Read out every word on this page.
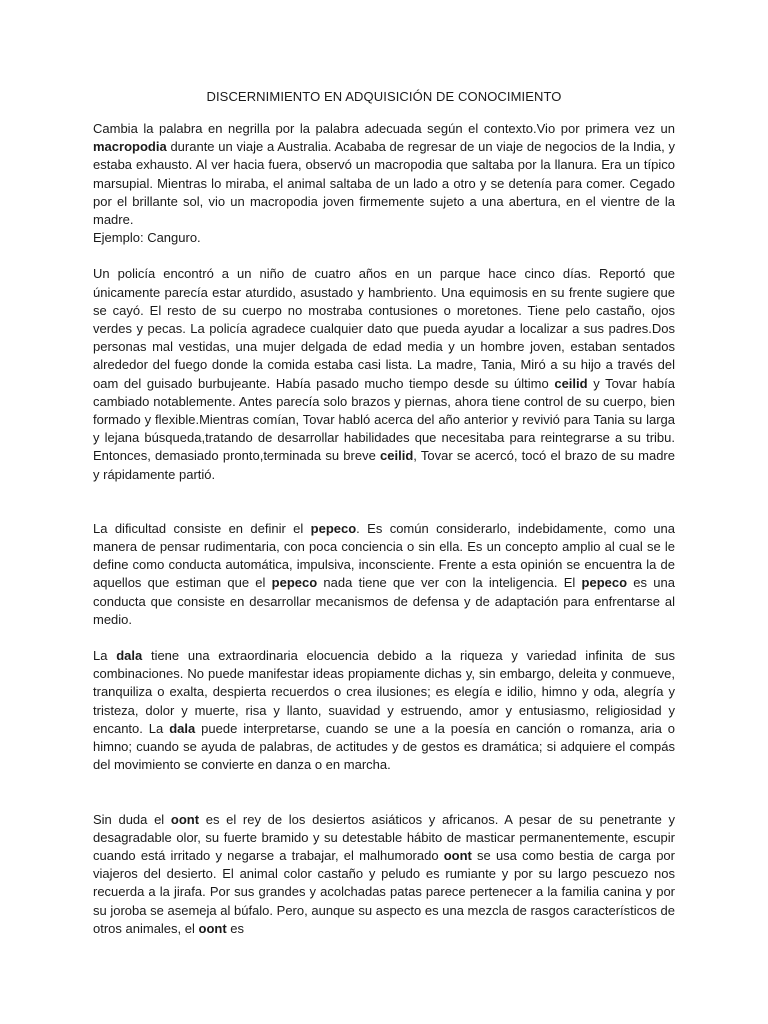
DISCERNIMIENTO EN ADQUISICIÓN DE CONOCIMIENTO

Cambia la palabra en negrilla por la palabra adecuada según el contexto.Vio por primera vez un macropodia durante un viaje a Australia. Acababa de regresar de un viaje de negocios de la India, y estaba exhausto. Al ver hacia fuera, observó un macropodia que saltaba por la llanura. Era un típico marsupial. Mientras lo miraba, el animal saltaba de un lado a otro y se detenía para comer. Cegado por el brillante sol, vio un macropodia joven firmemente sujeto a una abertura, en el vientre de la madre.

Ejemplo: Canguro.

Un policía encontró a un niño de cuatro años en un parque hace cinco días. Reportó que únicamente parecía estar aturdido, asustado y hambriento. Una equimosis en su frente sugiere que se cayó. El resto de su cuerpo no mostraba contusiones o moretones. Tiene pelo castaño, ojos verdes y pecas. La policía agradece cualquier dato que pueda ayudar a localizar a sus padres.Dos personas mal vestidas, una mujer delgada de edad media y un hombre joven, estaban sentados alrededor del fuego donde la comida estaba casi lista. La madre, Tania, Miró a su hijo a través del oam del guisado burbujeante. Había pasado mucho tiempo desde su último ceilid y Tovar había cambiado notablemente. Antes parecía solo brazos y piernas, ahora tiene control de su cuerpo, bien formado y flexible.Mientras comían, Tovar habló acerca del año anterior y revivió para Tania su larga y lejana búsqueda,tratando de desarrollar habilidades que necesitaba para reintegrarse a su tribu. Entonces, demasiado pronto,terminada su breve ceilid, Tovar se acercó, tocó el brazo de su madre y rápidamente partió.

La dificultad consiste en definir el pepeco. Es común considerarlo, indebidamente, como una manera de pensar rudimentaria, con poca conciencia o sin ella. Es un concepto amplio al cual se le define como conducta automática, impulsiva, inconsciente. Frente a esta opinión se encuentra la de aquellos que estiman que el pepeco nada tiene que ver con la inteligencia. El pepeco es una conducta que consiste en desarrollar mecanismos de defensa y de adaptación para enfrentarse al medio.

La dala tiene una extraordinaria elocuencia debido a la riqueza y variedad infinita de sus combinaciones. No puede manifestar ideas propiamente dichas y, sin embargo, deleita y conmueve, tranquiliza o exalta, despierta recuerdos o crea ilusiones; es elegía e idilio, himno y oda, alegría y tristeza, dolor y muerte, risa y llanto, suavidad y estruendo, amor y entusiasmo, religiosidad y encanto. La dala puede interpretarse, cuando se une a la poesía en canción o romanza, aria o himno; cuando se ayuda de palabras, de actitudes y de gestos es dramática; si adquiere el compás del movimiento se convierte en danza o en marcha.

Sin duda el oont es el rey de los desiertos asiáticos y africanos. A pesar de su penetrante y desagradable olor, su fuerte bramido y su detestable hábito de masticar permanentemente, escupir cuando está irritado y negarse a trabajar, el malhumorado oont se usa como bestia de carga por viajeros del desierto. El animal color castaño y peludo es rumiante y por su largo pescuezo nos recuerda a la jirafa. Por sus grandes y acolchadas patas parece pertenecer a la familia canina y por su joroba se asemeja al búfalo. Pero, aunque su aspecto es una mezcla de rasgos característicos de otros animales, el oont es
